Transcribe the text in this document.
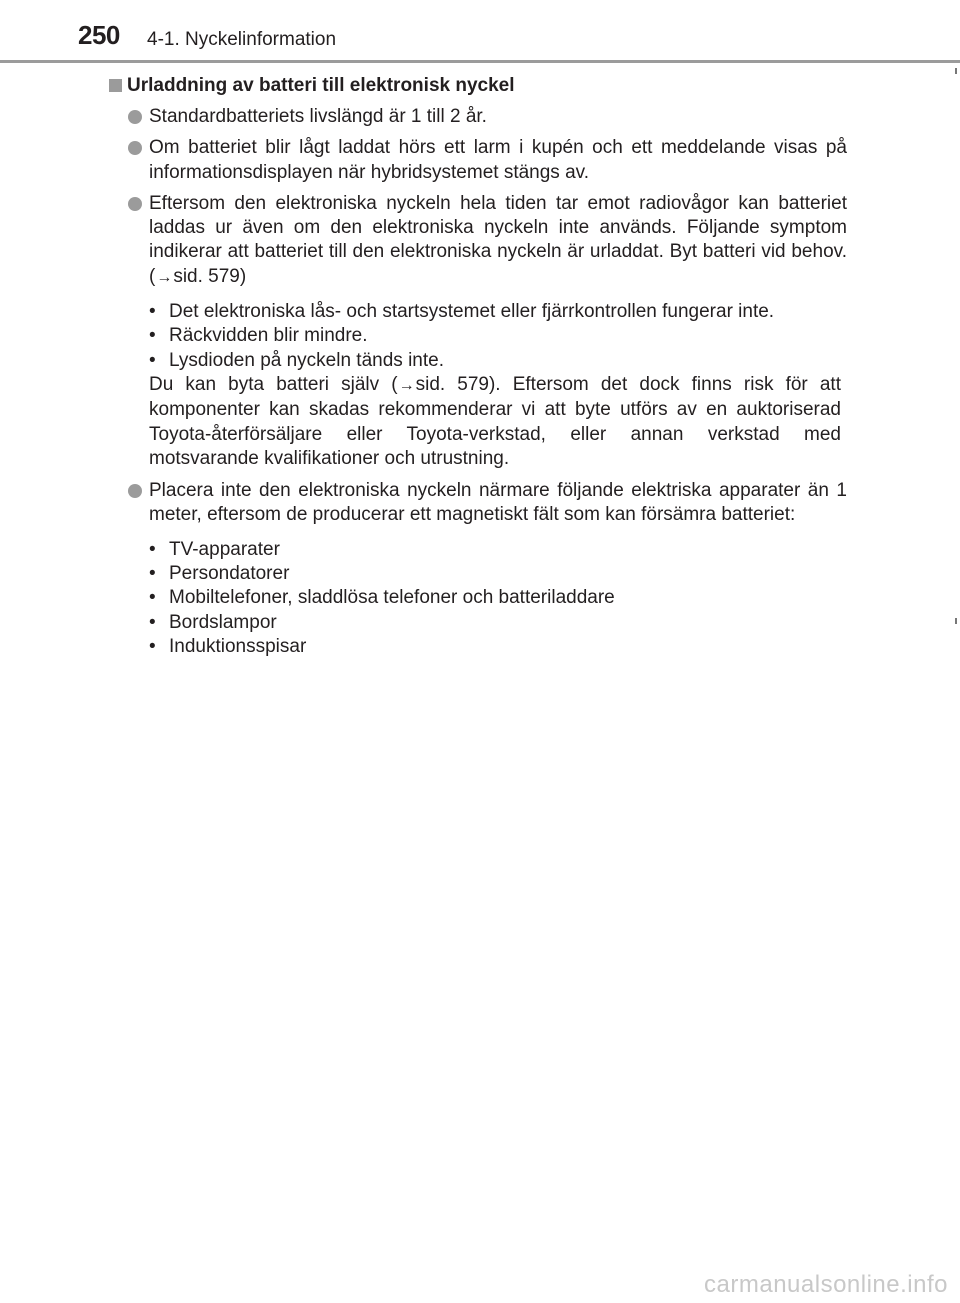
250 4-1. Nyckelinformation
Urladdning av batteri till elektronisk nyckel
Standardbatteriets livslängd är 1 till 2 år.
Om batteriet blir lågt laddat hörs ett larm i kupén och ett meddelande visas på informationsdisplayen när hybridsystemet stängs av.
Eftersom den elektroniska nyckeln hela tiden tar emot radiovågor kan batteriet laddas ur även om den elektroniska nyckeln inte används. Följande symptom indikerar att batteriet till den elektroniska nyckeln är urladdat. Byt batteri vid behov. (→sid. 579)
• Det elektroniska lås- och startsystemet eller fjärrkontrollen fungerar inte.
• Räckvidden blir mindre.
• Lysdioden på nyckeln tänds inte.

Du kan byta batteri själv (→sid. 579). Eftersom det dock finns risk för att komponenter kan skadas rekommenderar vi att byte utförs av en auktoriserad Toyota-återförsäljare eller Toyota-verkstad, eller annan verkstad med motsvarande kvalifikationer och utrustning.

Placera inte den elektroniska nyckeln närmare följande elektriska apparater än 1 meter, eftersom de producerar ett magnetiskt fält som kan försämra batteriet:
• TV-apparater
• Persondatorer
• Mobiltelefoner, sladdlösa telefoner och batteriladdare
• Bordslampor
• Induktionsspisar
carmanualsonline.info
